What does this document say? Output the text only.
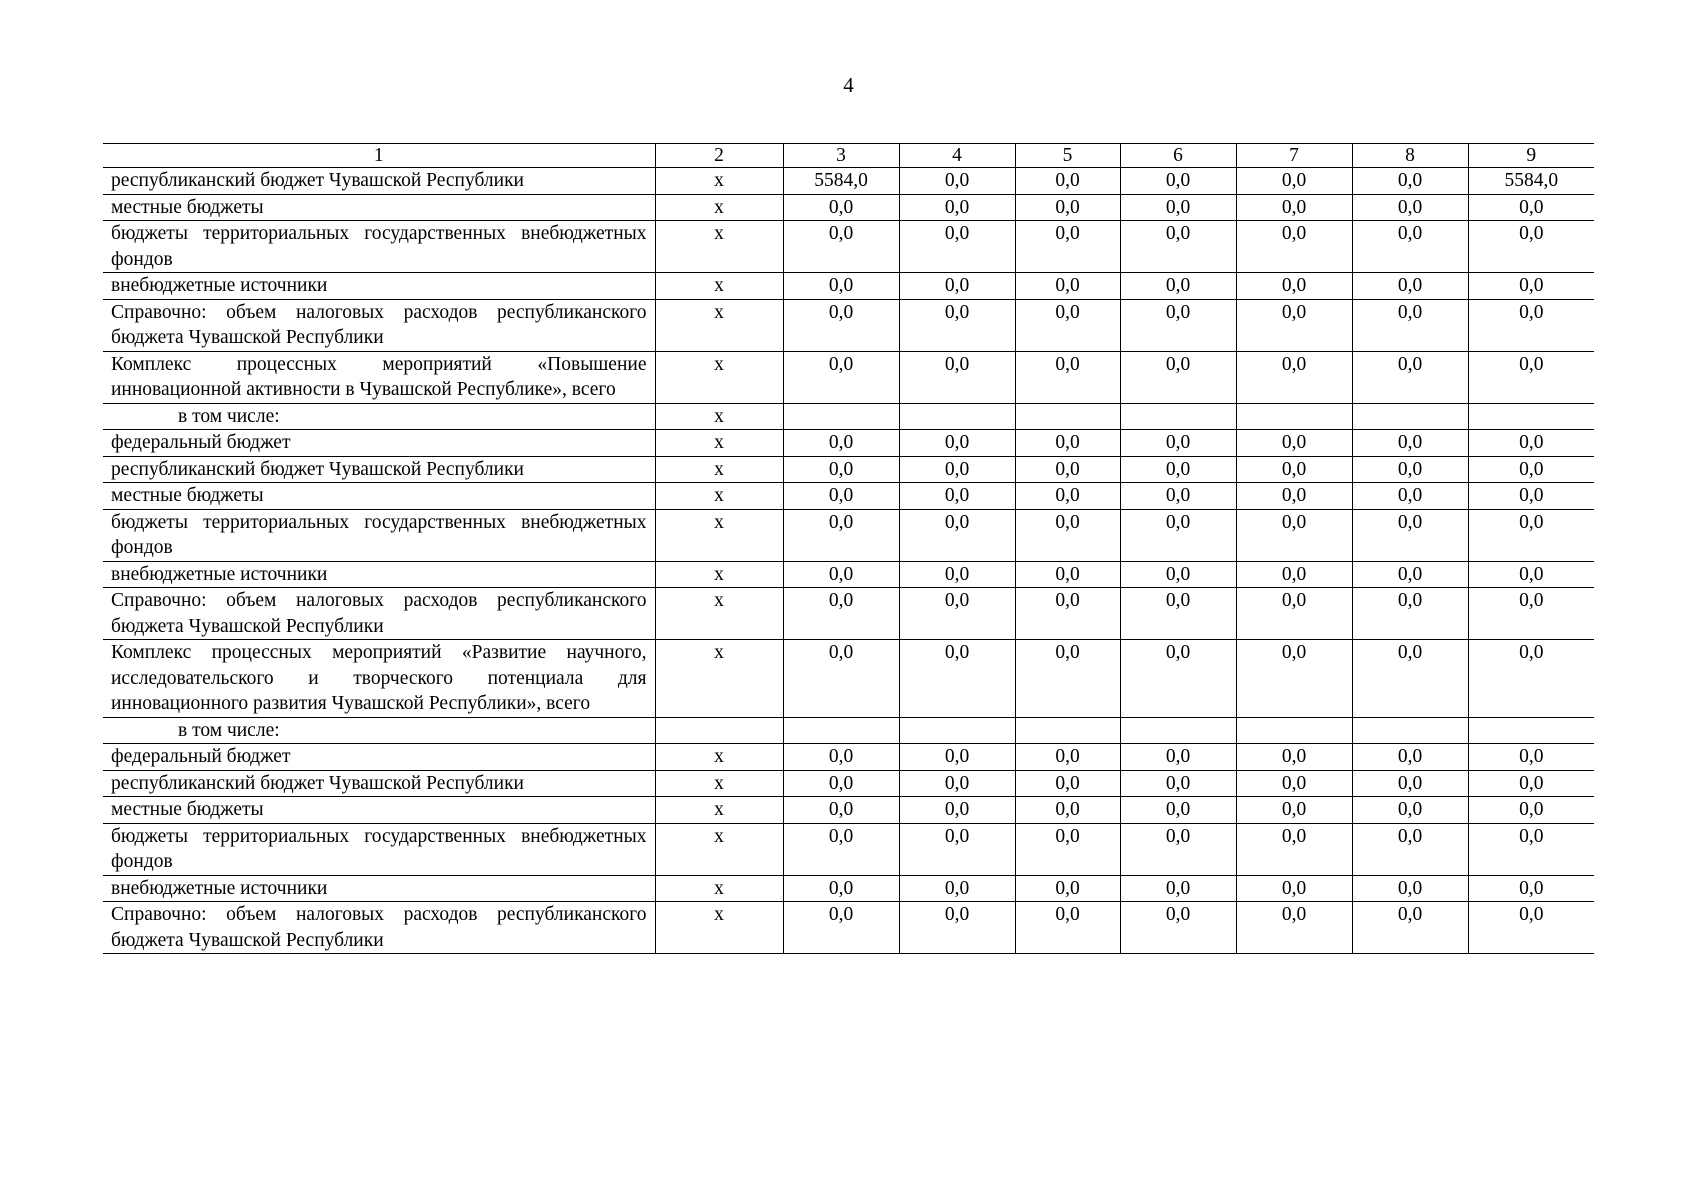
4
1	2	3	4	5	6	7	8	9
республиканский бюджет Чувашской Республики	х	5584,0	0,0	0,0	0,0	0,0	0,0	5584,0
местные бюджеты	х	0,0	0,0	0,0	0,0	0,0	0,0	0,0
бюджеты территориальных государственных внебюджетных фондов	х	0,0	0,0	0,0	0,0	0,0	0,0	0,0
внебюджетные источники	х	0,0	0,0	0,0	0,0	0,0	0,0	0,0
Справочно: объем налоговых расходов республиканского бюджета Чувашской Республики	х	0,0	0,0	0,0	0,0	0,0	0,0	0,0
Комплекс процессных мероприятий «Повышение инновационной активности в Чувашской Республике», всего	х	0,0	0,0	0,0	0,0	0,0	0,0	0,0
в том числе:	х							
федеральный бюджет	х	0,0	0,0	0,0	0,0	0,0	0,0	0,0
республиканский бюджет Чувашской Республики	х	0,0	0,0	0,0	0,0	0,0	0,0	0,0
местные бюджеты	х	0,0	0,0	0,0	0,0	0,0	0,0	0,0
бюджеты территориальных государственных внебюджетных фондов	х	0,0	0,0	0,0	0,0	0,0	0,0	0,0
внебюджетные источники	х	0,0	0,0	0,0	0,0	0,0	0,0	0,0
Справочно: объем налоговых расходов республиканского бюджета Чувашской Республики	х	0,0	0,0	0,0	0,0	0,0	0,0	0,0
Комплекс процессных мероприятий «Развитие научного, исследовательского и творческого потенциала для инновационного развития Чувашской Республики», всего	х	0,0	0,0	0,0	0,0	0,0	0,0	0,0
в том числе:								
федеральный бюджет	х	0,0	0,0	0,0	0,0	0,0	0,0	0,0
республиканский бюджет Чувашской Республики	х	0,0	0,0	0,0	0,0	0,0	0,0	0,0
местные бюджеты	х	0,0	0,0	0,0	0,0	0,0	0,0	0,0
бюджеты территориальных государственных внебюджетных фондов	х	0,0	0,0	0,0	0,0	0,0	0,0	0,0
внебюджетные источники	х	0,0	0,0	0,0	0,0	0,0	0,0	0,0
Справочно: объем налоговых расходов республиканского бюджета Чувашской Республики	х	0,0	0,0	0,0	0,0	0,0	0,0	0,0
